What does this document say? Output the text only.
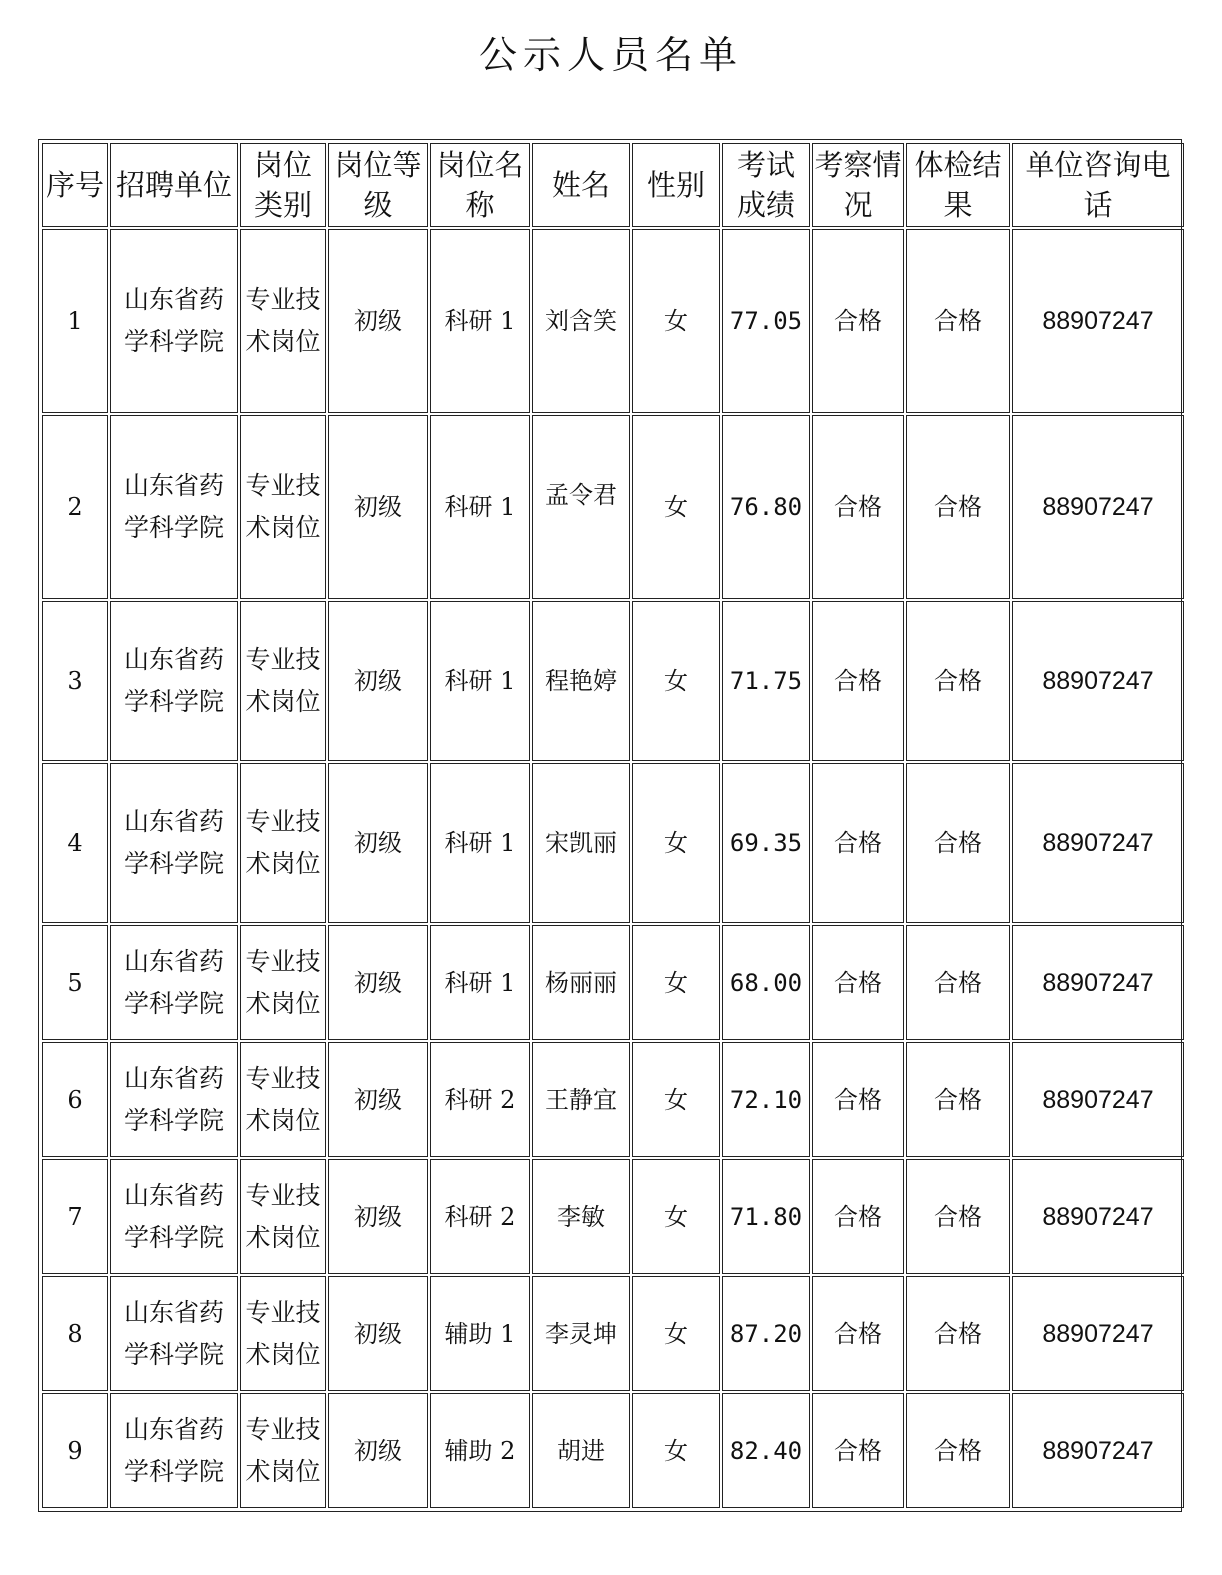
公示人员名单
序号	招聘单位	岗位类别	岗位等级	岗位名称	姓名	性别	考试成绩	考察情况	体检结果	单位咨询电话
1	山东省药学科学院	专业技术岗位	初级	科研 1	刘含笑	女	77.05	合格	合格	88907247
2	山东省药学科学院	专业技术岗位	初级	科研 1	孟令君	女	76.80	合格	合格	88907247
3	山东省药学科学院	专业技术岗位	初级	科研 1	程艳婷	女	71.75	合格	合格	88907247
4	山东省药学科学院	专业技术岗位	初级	科研 1	宋凯丽	女	69.35	合格	合格	88907247
5	山东省药学科学院	专业技术岗位	初级	科研 1	杨丽丽	女	68.00	合格	合格	88907247
6	山东省药学科学院	专业技术岗位	初级	科研 2	王静宜	女	72.10	合格	合格	88907247
7	山东省药学科学院	专业技术岗位	初级	科研 2	李敏	女	71.80	合格	合格	88907247
8	山东省药学科学院	专业技术岗位	初级	辅助 1	李灵坤	女	87.20	合格	合格	88907247
9	山东省药学科学院	专业技术岗位	初级	辅助 2	胡进	女	82.40	合格	合格	88907247
